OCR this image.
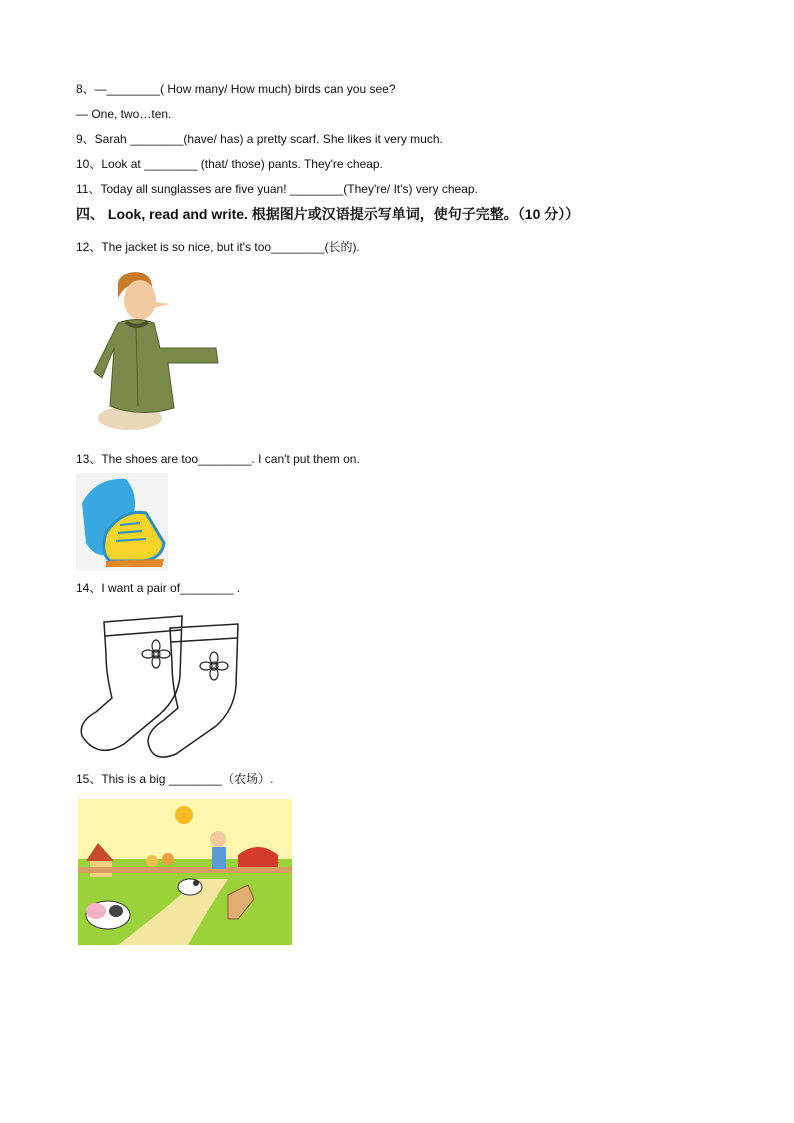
8、—________( How many/ How much) birds can you see?
— One, two…ten.
9、Sarah ________(have/ has) a pretty scarf. She likes it very much.
10、Look at ________ (that/ those) pants. They're cheap.
11、Today all sunglasses are five yuan! ________(They're/ It's) very cheap.
四、 Look, read and write. 根据图片或汉语提示写单词，使句子完整。（10 分））
12、The jacket is so nice, but it's too________(长的).
13、The shoes are too________. I can't put them on.
14、I want a pair of________ .
15、This is a big ________（农场）.
